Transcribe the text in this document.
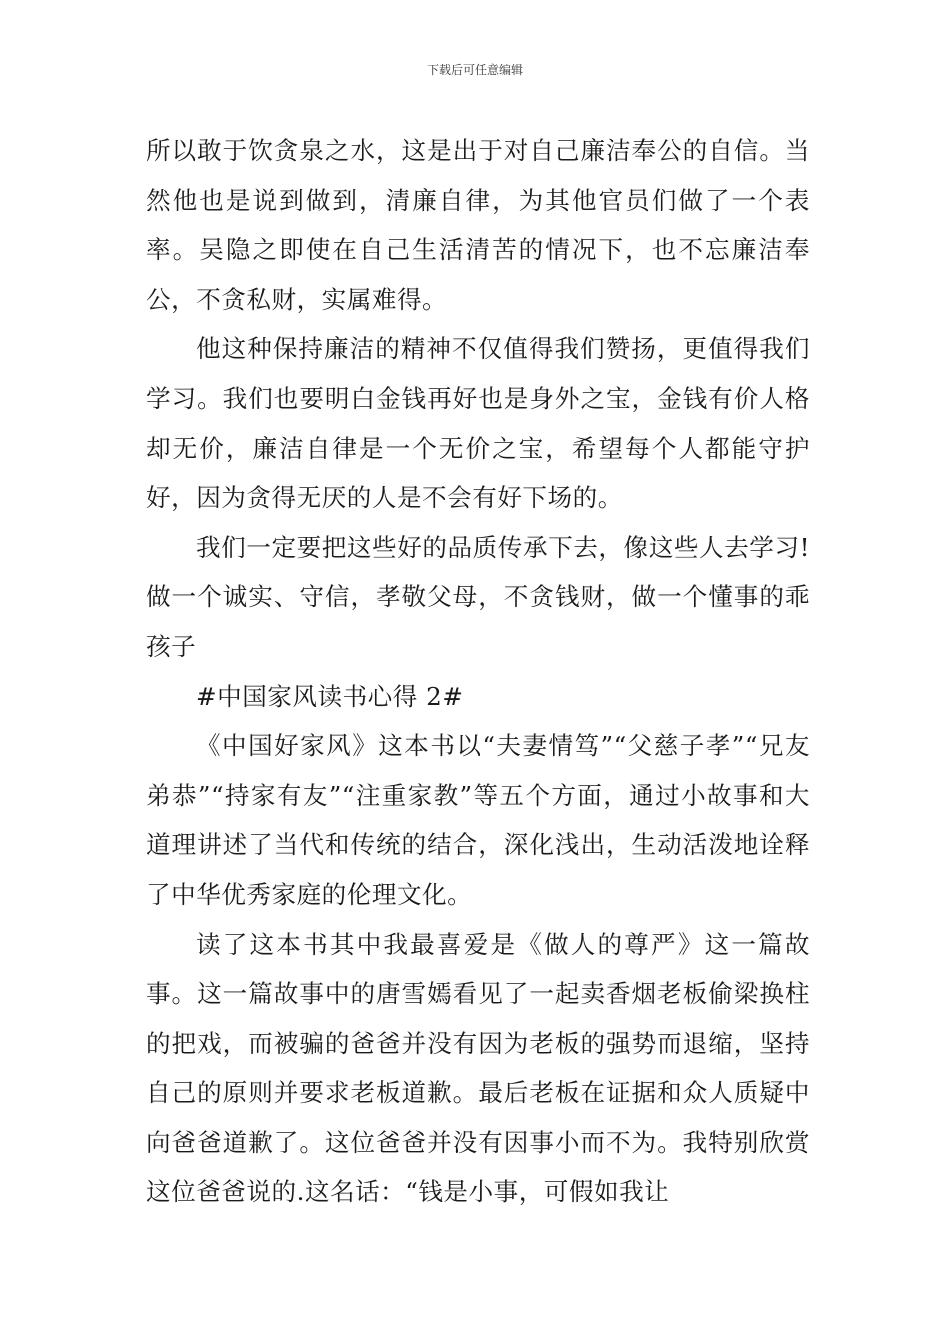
下载后可任意编辑

所以敢于饮贪泉之水，这是出于对自己廉洁奉公的自信。当然他也是说到做到，清廉自律，为其他官员们做了一个表率。吴隐之即使在自己生活清苦的情况下，也不忘廉洁奉公，不贪私财，实属难得。

他这种保持廉洁的精神不仅值得我们赞扬，更值得我们学习。我们也要明白金钱再好也是身外之宝，金钱有价人格却无价，廉洁自律是一个无价之宝，希望每个人都能守护好，因为贪得无厌的人是不会有好下场的。

我们一定要把这些好的品质传承下去，像这些人去学习!做一个诚实、守信，孝敬父母，不贪钱财，做一个懂事的乖孩子

#中国家风读书心得 2#

《中国好家风》这本书以“夫妻情笃”“父慈子孝”“兄友弟恭”“持家有友”“注重家教”等五个方面，通过小故事和大道理讲述了当代和传统的结合，深化浅出，生动活泼地诠释了中华优秀家庭的伦理文化。

读了这本书其中我最喜爱是《做人的尊严》这一篇故事。这一篇故事中的唐雪嫣看见了一起卖香烟老板偷梁换柱的把戏，而被骗的爸爸并没有因为老板的强势而退缩，坚持自己的原则并要求老板道歉。最后老板在证据和众人质疑中向爸爸道歉了。这位爸爸并没有因事小而不为。我特别欣赏这位爸爸说的.这名话：“钱是小事，可假如我让
